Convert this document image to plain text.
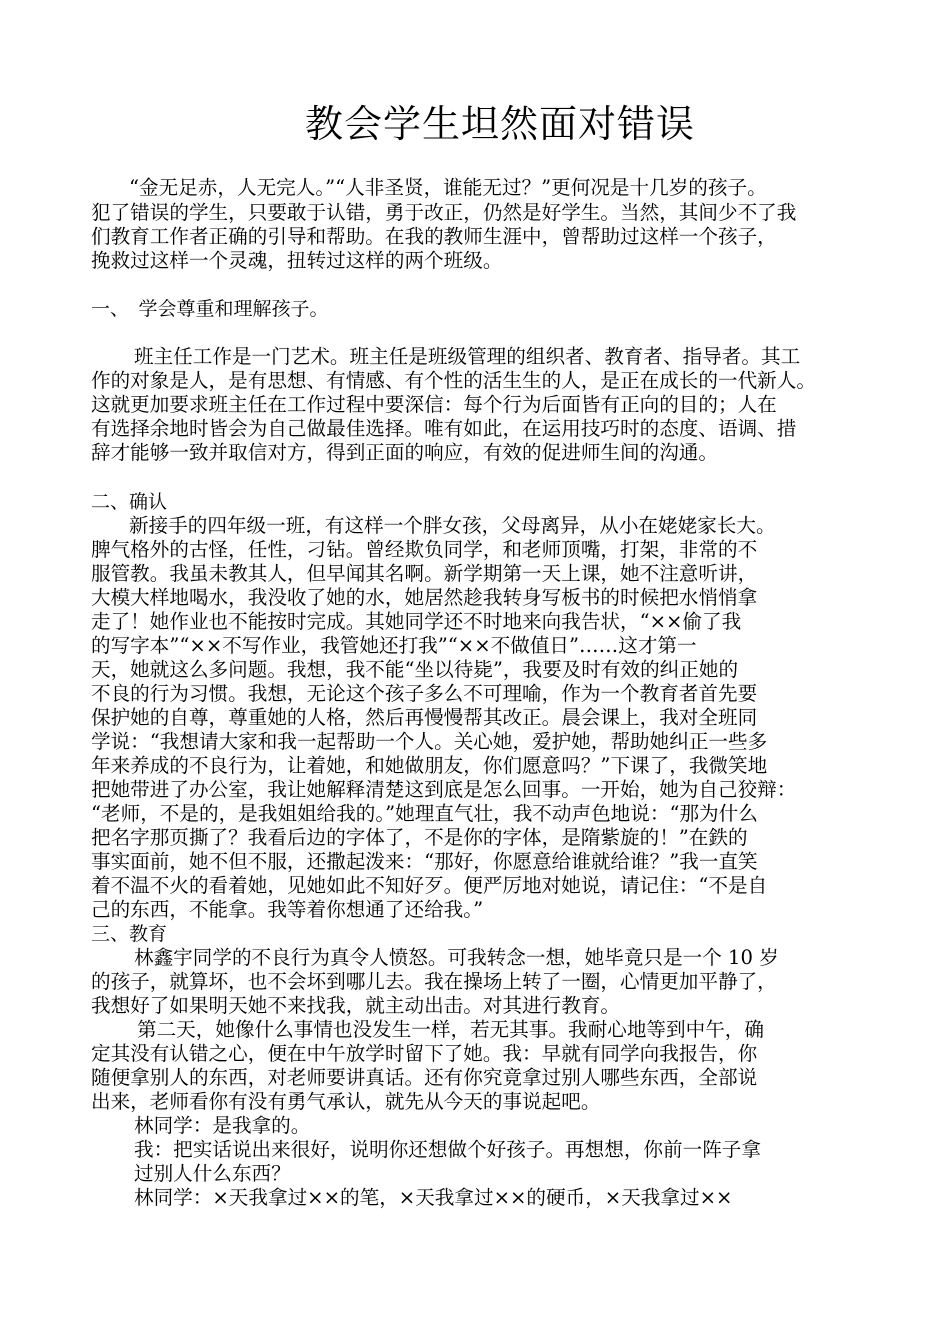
教会学生坦然面对错误

“金无足赤，人无完人。”“人非圣贤，谁能无过？”更何况是十几岁的孩子。

犯了错误的学生，只要敢于认错，勇于改正，仍然是好学生。当然，其间少不了我

们教育工作者正确的引导和帮助。在我的教师生涯中，曾帮助过这样一个孩子，

挽救过这样一个灵魂，扭转过这样的两个班级。

一、　学会尊重和理解孩子。

班主任工作是一门艺术。班主任是班级管理的组织者、教育者、指导者。其工

作的对象是人，是有思想、有情感、有个性的活生生的人，是正在成长的一代新人。

这就更加要求班主任在工作过程中要深信：每个行为后面皆有正向的目的；人在

有选择余地时皆会为自己做最佳选择。唯有如此，在运用技巧时的态度、语调、措

辞才能够一致并取信对方，得到正面的响应，有效的促进师生间的沟通。

二、确认

新接手的四年级一班，有这样一个胖女孩，父母离异，从小在姥姥家长大。

脾气格外的古怪，任性，刁钻。曾经欺负同学，和老师顶嘴，打架，非常的不

服管教。我虽未教其人，但早闻其名啊。新学期第一天上课，她不注意听讲，

大模大样地喝水，我没收了她的水，她居然趁我转身写板书的时候把水悄悄拿

走了！她作业也不能按时完成。其她同学还不时地来向我告状，“××偷了我

的写字本”“××不写作业，我管她还打我”“××不做值日”……这才第一

天，她就这么多问题。我想，我不能“坐以待毙”，我要及时有效的纠正她的

不良的行为习惯。我想，无论这个孩子多么不可理喻，作为一个教育者首先要

保护她的自尊，尊重她的人格，然后再慢慢帮其改正。晨会课上，我对全班同

学说：“我想请大家和我一起帮助一个人。关心她，爱护她，帮助她纠正一些多

年来养成的不良行为，让着她，和她做朋友，你们愿意吗？”下课了，我微笑地

把她带进了办公室，我让她解释清楚这到底是怎么回事。一开始，她为自己狡辩：

“老师，不是的，是我姐姐给我的。”她理直气壮，我不动声色地说：“那为什么

把名字那页撕了？我看后边的字体了，不是你的字体，是隋紫旋的！”在鉄的

事实面前，她不但不服，还撒起泼来：“那好，你愿意给谁就给谁？”我一直笑

着不温不火的看着她，见她如此不知好歹。便严厉地对她说，请记住：“不是自

己的东西，不能拿。我等着你想通了还给我。”

三、教育

林鑫宇同学的不良行为真令人愤怒。可我转念一想，她毕竟只是一个 10 岁

的孩子，就算坏，也不会坏到哪儿去。我在操场上转了一圈，心情更加平静了，

我想好了如果明天她不来找我，就主动出击。对其进行教育。

第二天，她像什么事情也没发生一样，若无其事。我耐心地等到中午，确

定其没有认错之心，便在中午放学时留下了她。我：早就有同学向我报告，你

随便拿别人的东西，对老师要讲真话。还有你究竟拿过别人哪些东西，全部说

出来，老师看你有没有勇气承认，就先从今天的事说起吧。

林同学：是我拿的。

我：把实话说出来很好，说明你还想做个好孩子。再想想，你前一阵子拿

过别人什么东西？

林同学：×天我拿过××的笔，×天我拿过××的硬币，×天我拿过××
